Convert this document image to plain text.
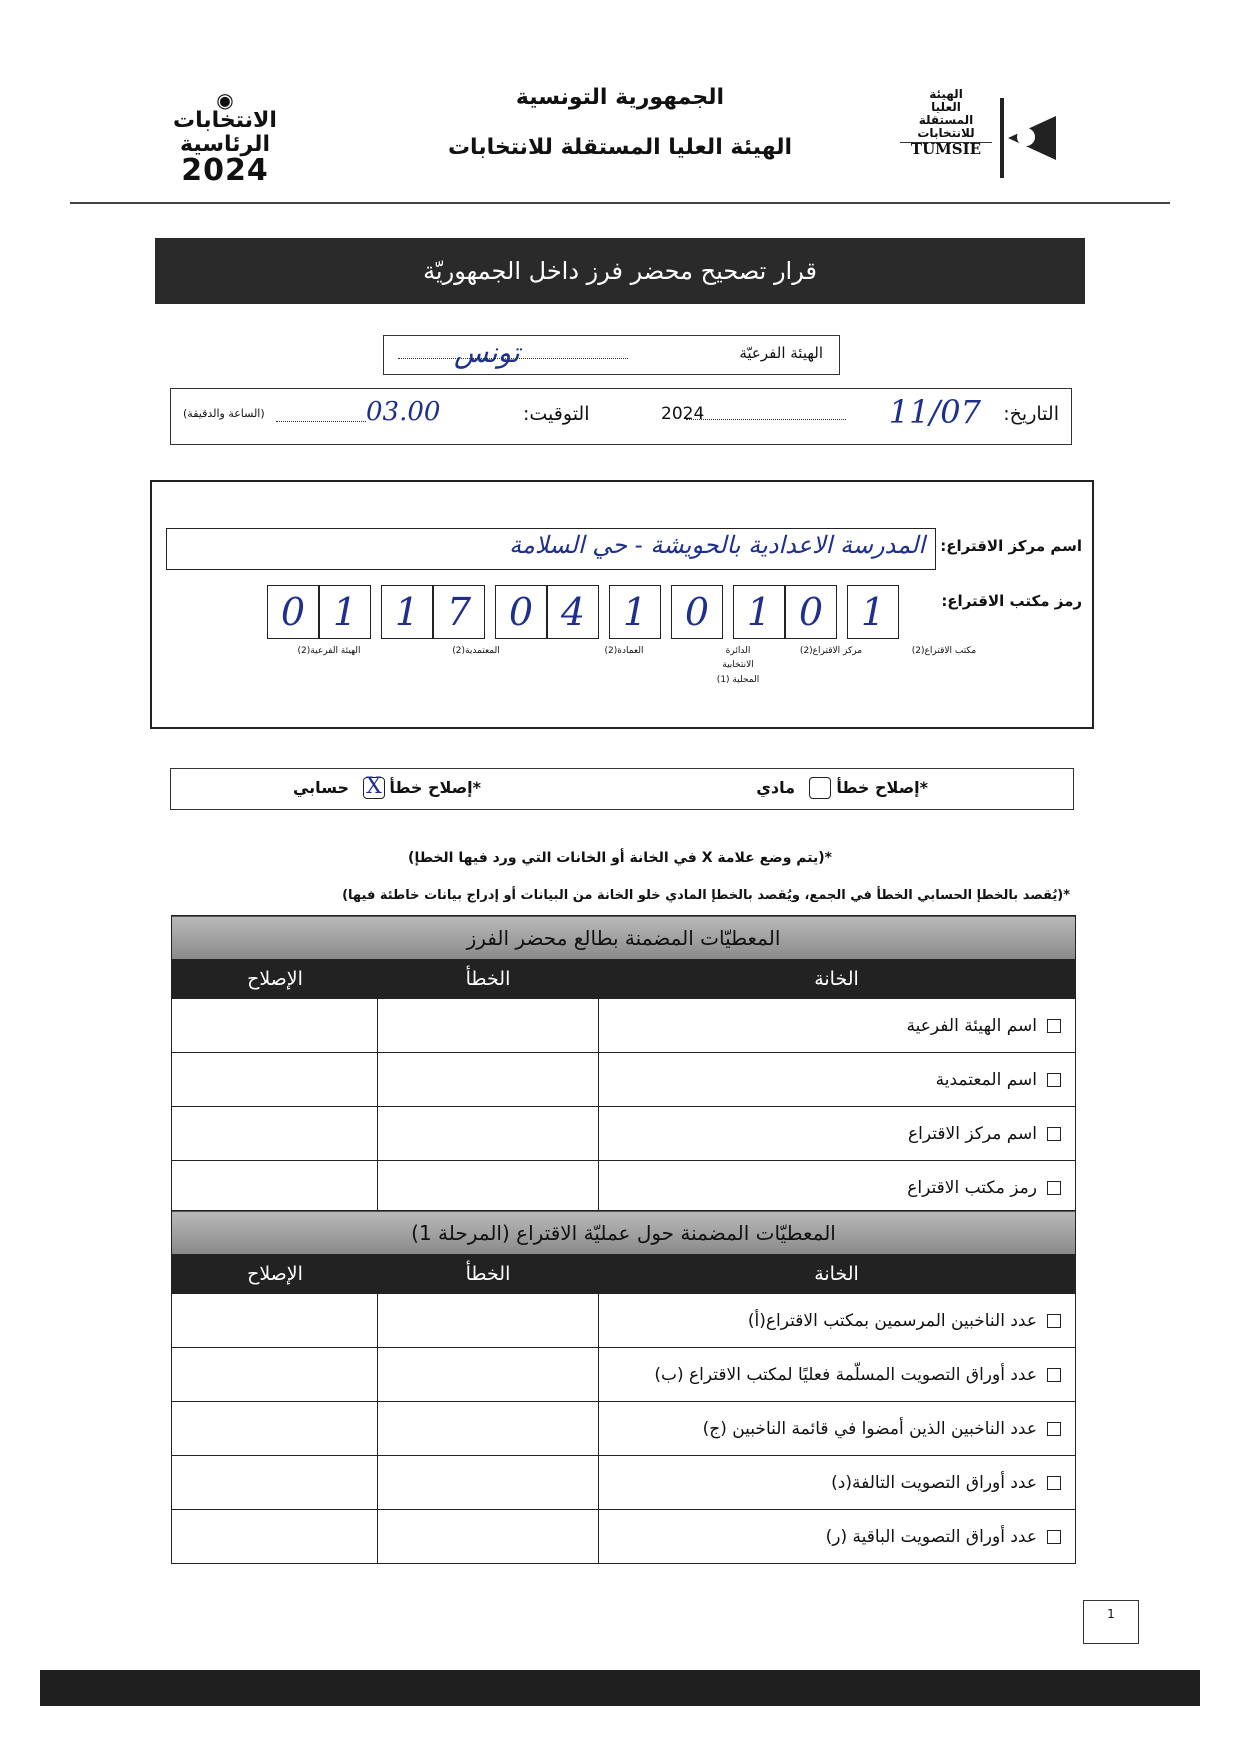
◉
الانتخابات
الرئاسية
2024
الجمهورية التونسية
الهيئة العليا المستقلة للانتخابات
الهيئة
العليا
المستقلة
للانتخابات
TUMSIE
قرار تصحيح محضر فرز داخل الجمهوريّة
الهيئة الفرعيّة
تونس
التاريخ:
11/07
2024
التوقيت:
03.00
(الساعة والدقيقة)
اسم مركز الاقتراع:
المدرسة الاعدادية بالحويشة - حي السلامة
رمز مكتب الاقتراع:
1
0
1
0
1
4
0
7
1
1
0
مكتب الاقتراع(2)
مركز الاقتراع(2)
الدائرة الانتخابية المحلية (1)
العمادة(2)
المعتمدية(2)
الهيئة الفرعية(2)
*إصلاح خطأ
مادي
*إصلاح خطأ
X
حسابي
*(يتم وضع علامة X في الخانة أو الخانات التي ورد فيها الخطإ)
*(يُقصد بالخطإ الحسابي الخطأ في الجمع، ويُقصد بالخطإ المادي خلو الخانة من البيانات أو إدراج بيانات خاطئة فيها)
المعطيّات المضمنة بطالع محضر الفرز
الخانة
الخطأ
الإصلاح
اسم الهيئة الفرعية
اسم المعتمدية
اسم مركز الاقتراع
رمز مكتب الاقتراع
المعطيّات المضمنة حول عمليّة الاقتراع (المرحلة 1)
الخانة
الخطأ
الإصلاح
عدد الناخبين المرسمين بمكتب الاقتراع(أ)
عدد أوراق التصويت المسلّمة فعليًا لمكتب الاقتراع (ب)
عدد الناخبين الذين أمضوا في قائمة الناخبين (ج)
عدد أوراق التصويت التالفة(د)
عدد أوراق التصويت الباقية (ر)
1
